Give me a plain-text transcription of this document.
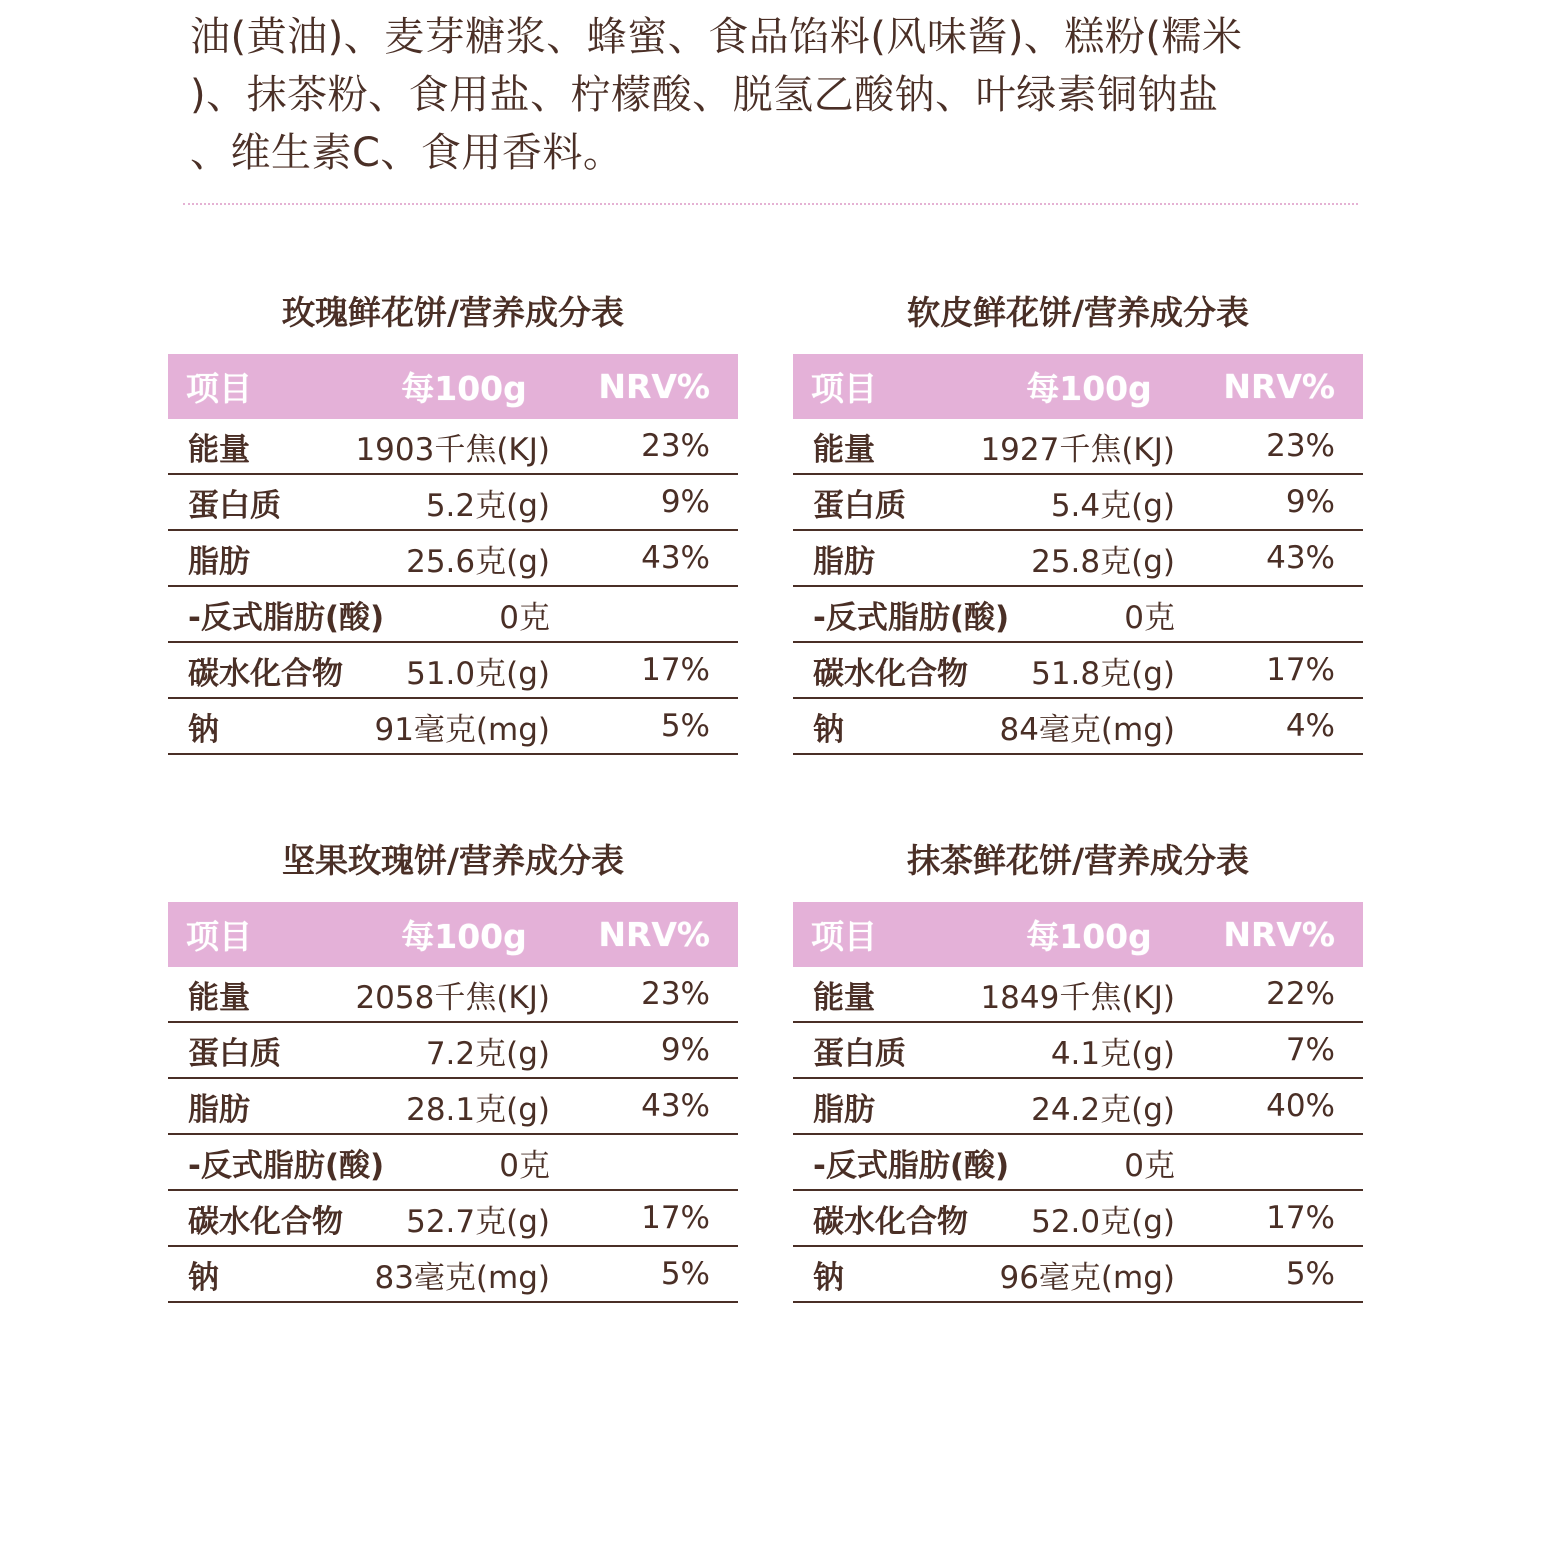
油(黄油)、麦芽糖浆、蜂蜜、食品馅料(风味酱)、糕粉(糯米
)、抹茶粉、食用盐、柠檬酸、脱氢乙酸钠、叶绿素铜钠盐
、维生素C、食用香料。
玫瑰鲜花饼/营养成分表
项目	每100g	NRV%
能量	1903千焦(KJ)	23%
蛋白质	5.2克(g)	9%
脂肪	25.6克(g)	43%
-反式脂肪(酸)	0克	
碳水化合物	51.0克(g)	17%
钠	91毫克(mg)	5%
软皮鲜花饼/营养成分表
项目	每100g	NRV%
能量	1927千焦(KJ)	23%
蛋白质	5.4克(g)	9%
脂肪	25.8克(g)	43%
-反式脂肪(酸)	0克	
碳水化合物	51.8克(g)	17%
钠	84毫克(mg)	4%
坚果玫瑰饼/营养成分表
项目	每100g	NRV%
能量	2058千焦(KJ)	23%
蛋白质	7.2克(g)	9%
脂肪	28.1克(g)	43%
-反式脂肪(酸)	0克	
碳水化合物	52.7克(g)	17%
钠	83毫克(mg)	5%
抹茶鲜花饼/营养成分表
项目	每100g	NRV%
能量	1849千焦(KJ)	22%
蛋白质	4.1克(g)	7%
脂肪	24.2克(g)	40%
-反式脂肪(酸)	0克	
碳水化合物	52.0克(g)	17%
钠	96毫克(mg)	5%
